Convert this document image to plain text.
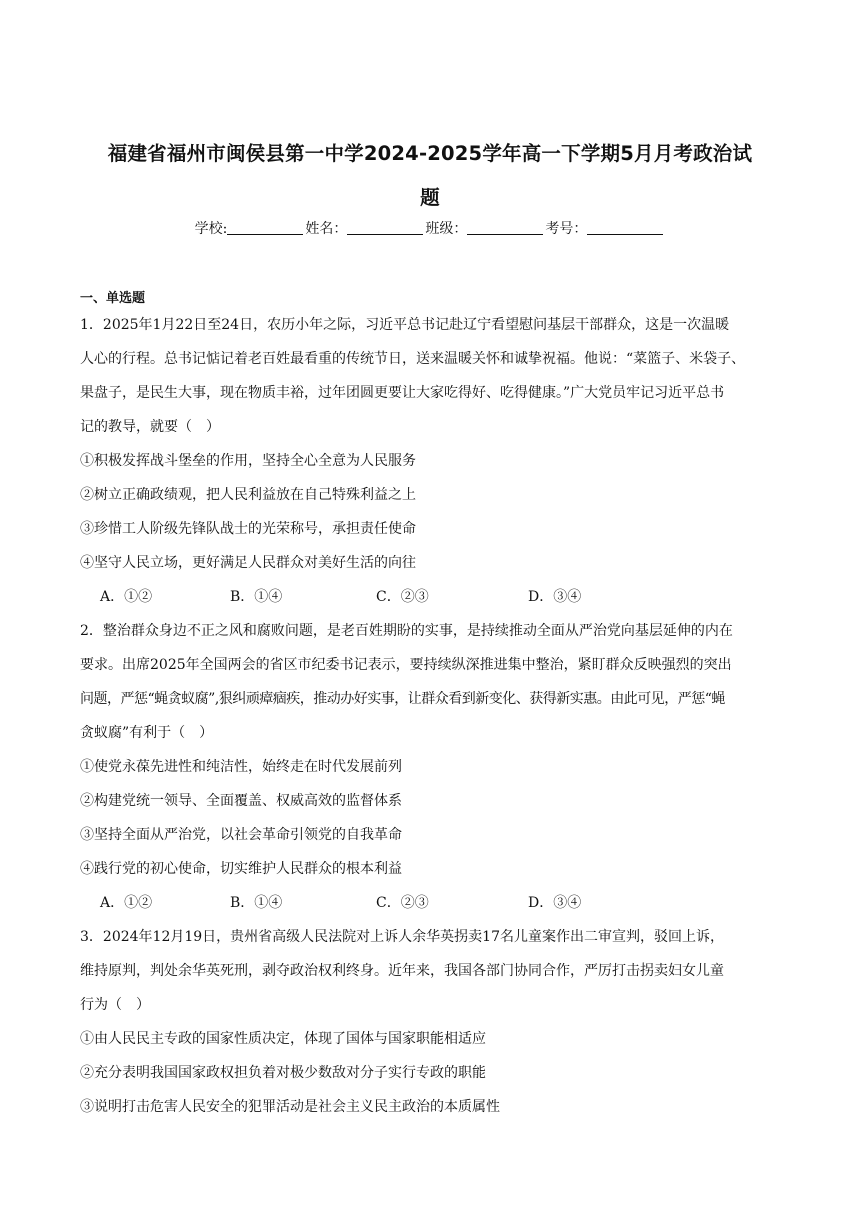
福建省福州市闽侯县第一中学2024-2025学年高一下学期5月月考政治试
题
学校:	姓名：	班级：	考号：
一、单选题
1．2025年1月22日至24日，农历小年之际，习近平总书记赴辽宁看望慰问基层干部群众，这是一次温暖
人心的行程。总书记惦记着老百姓最看重的传统节日，送来温暖关怀和诚挚祝福。他说：“菜篮子、米袋子、
果盘子，是民生大事，现在物质丰裕，过年团圆更要让大家吃得好、吃得健康。”广大党员牢记习近平总书
记的教导，就要（　）
①积极发挥战斗堡垒的作用，坚持全心全意为人民服务
②树立正确政绩观，把人民利益放在自己特殊利益之上
③珍惜工人阶级先锋队战士的光荣称号，承担责任使命
④坚守人民立场，更好满足人民群众对美好生活的向往
A．①②	B．①④	C．②③	D．③④
2．整治群众身边不正之风和腐败问题，是老百姓期盼的实事，是持续推动全面从严治党向基层延伸的内在
要求。出席2025年全国两会的省区市纪委书记表示，要持续纵深推进集中整治，紧盯群众反映强烈的突出
问题，严惩“蝇贪蚁腐”,狠纠顽瘴痼疾，推动办好实事，让群众看到新变化、获得新实惠。由此可见，严惩“蝇
贪蚁腐”有利于（　）
①使党永葆先进性和纯洁性，始终走在时代发展前列
②构建党统一领导、全面覆盖、权威高效的监督体系
③坚持全面从严治党，以社会革命引领党的自我革命
④践行党的初心使命，切实维护人民群众的根本利益
A．①②	B．①④	C．②③	D．③④
3．2024年12月19日，贵州省高级人民法院对上诉人余华英拐卖17名儿童案作出二审宣判，驳回上诉，
维持原判，判处余华英死刑，剥夺政治权利终身。近年来，我国各部门协同合作，严厉打击拐卖妇女儿童
行为（　）
①由人民民主专政的国家性质决定，体现了国体与国家职能相适应
②充分表明我国国家政权担负着对极少数敌对分子实行专政的职能
③说明打击危害人民安全的犯罪活动是社会主义民主政治的本质属性
